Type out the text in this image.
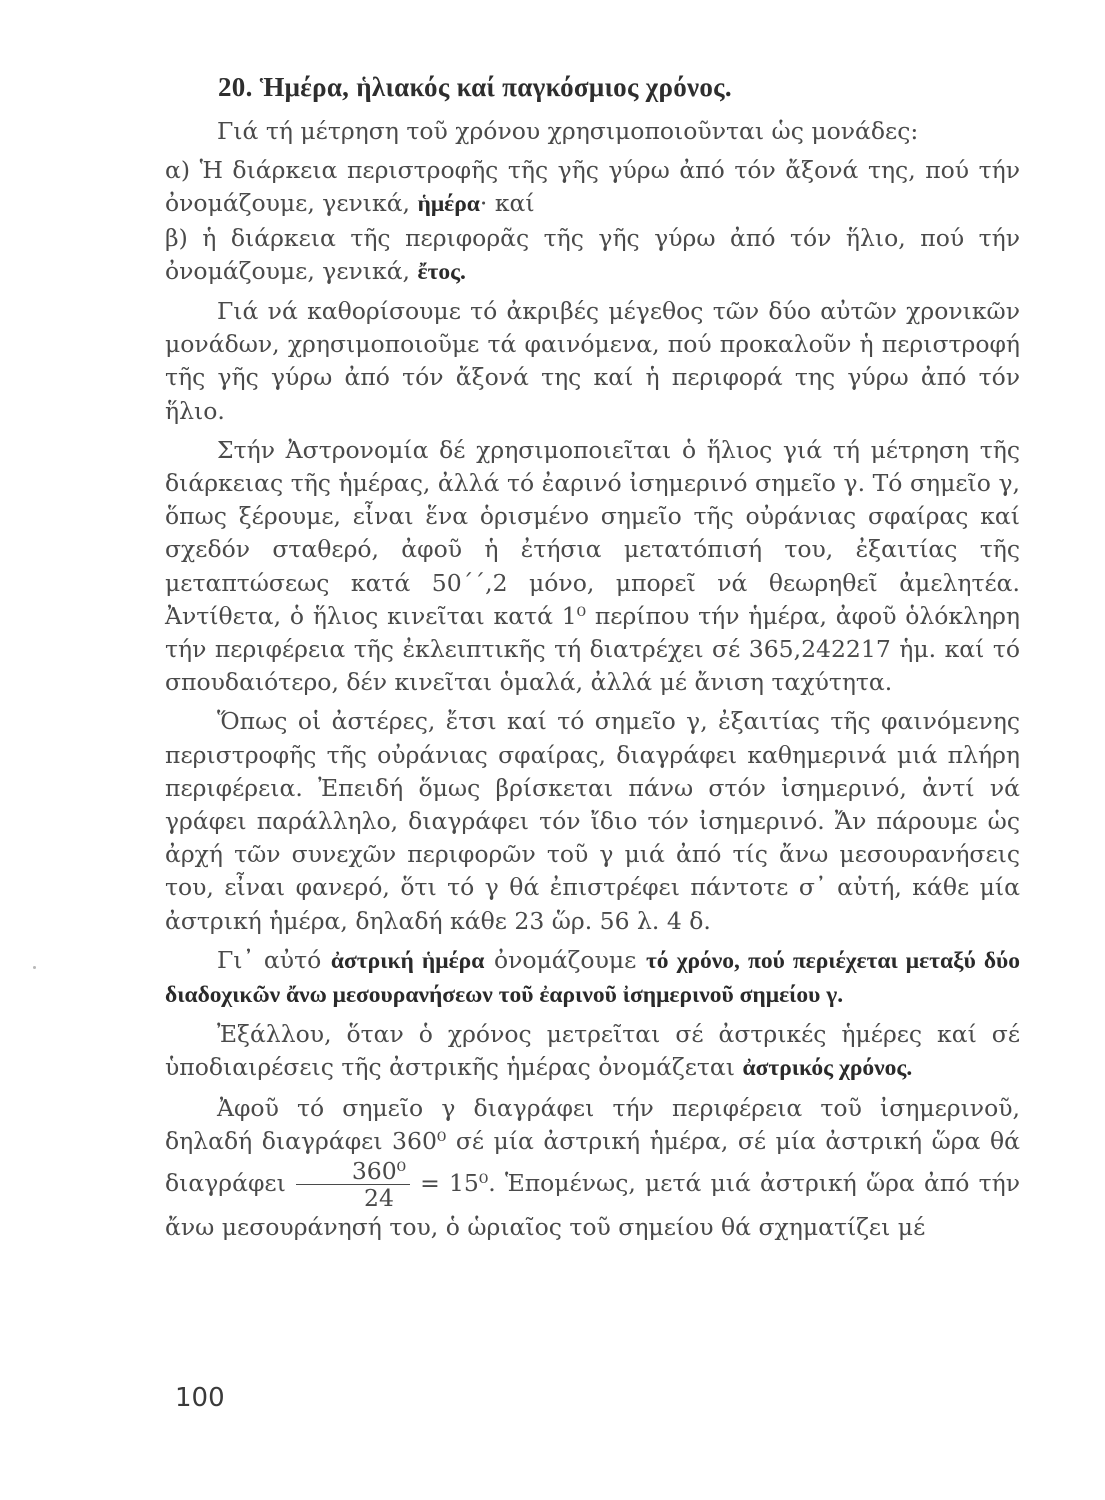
20. Ἡμέρα, ἡλιακός καί παγκόσμιος χρόνος.

Γιά τή μέτρηση τοῦ χρόνου χρησιμοποιοῦνται ὡς μονάδες:

α) Ἡ διάρκεια περιστροφῆς τῆς γῆς γύρω ἀπό τόν ἄξονά της, πού τήν ὀνομάζουμε, γενικά, ἡμέρα· καί

β) ἡ διάρκεια τῆς περιφορᾶς τῆς γῆς γύρω ἀπό τόν ἥλιο, πού τήν ὀνομάζουμε, γενικά, ἔτος.

Γιά νά καθορίσουμε τό ἀκριβές μέγεθος τῶν δύο αὐτῶν χρονικῶν μονάδων, χρησιμοποιοῦμε τά φαινόμενα, πού προκαλοῦν ἡ περιστροφή τῆς γῆς γύρω ἀπό τόν ἄξονά της καί ἡ περιφορά της γύρω ἀπό τόν ἥλιο.

Στήν Ἀστρονομία δέ χρησιμοποιεῖται ὁ ἥλιος γιά τή μέτρηση τῆς διάρκειας τῆς ἡμέρας, ἀλλά τό ἐαρινό ἰσημερινό σημεῖο γ. Τό σημεῖο γ, ὅπως ξέρουμε, εἶναι ἕνα ὁρισμένο σημεῖο τῆς οὐράνιας σφαίρας καί σχεδόν σταθερό, ἀφοῦ ἡ ἐτήσια μετατόπισή του, ἐξαιτίας τῆς μεταπτώσεως κατά 50΄΄,2 μόνο, μπορεῖ νά θεωρηθεῖ ἀμελητέα. Ἀντίθετα, ὁ ἥλιος κινεῖται κατά 1⁰ περίπου τήν ἡμέρα, ἀφοῦ ὁλόκληρη τήν περιφέρεια τῆς ἐκλειπτικῆς τή διατρέχει σέ 365,242217 ἡμ. καί τό σπουδαιότερο, δέν κινεῖται ὁμαλά, ἀλλά μέ ἄνιση ταχύτητα.

Ὅπως οἱ ἀστέρες, ἔτσι καί τό σημεῖο γ, ἐξαιτίας τῆς φαινόμενης περιστροφῆς τῆς οὐράνιας σφαίρας, διαγράφει καθημερινά μιά πλήρη περιφέρεια. Ἐπειδή ὅμως βρίσκεται πάνω στόν ἰσημερινό, ἀντί νά γράφει παράλληλο, διαγράφει τόν ἴδιο τόν ἰσημερινό. Ἄν πάρουμε ὡς ἀρχή τῶν συνεχῶν περιφορῶν τοῦ γ μιά ἀπό τίς ἄνω μεσουρανήσεις του, εἶναι φανερό, ὅτι τό γ θά ἐπιστρέφει πάντοτε σ᾿ αὐτή, κάθε μία ἀστρική ἡμέρα, δηλαδή κάθε 23 ὥρ. 56 λ. 4 δ.

Γι᾿ αὐτό ἀστρική ἡμέρα ὀνομάζουμε τό χρόνο, πού περιέχεται μεταξύ δύο διαδοχικῶν ἄνω μεσουρανήσεων τοῦ ἐαρινοῦ ἰσημερινοῦ σημείου γ.

Ἐξάλλου, ὅταν ὁ χρόνος μετρεῖται σέ ἀστρικές ἡμέρες καί σέ ὑποδιαιρέσεις τῆς ἀστρικῆς ἡμέρας ὀνομάζεται ἀστρικός χρόνος.

Ἀφοῦ τό σημεῖο γ διαγράφει τήν περιφέρεια τοῦ ἰσημερινοῦ, δηλαδή διαγράφει 360⁰ σέ μία ἀστρική ἡμέρα, σέ μία ἀστρική ὥρα θά διαγράφει $\frac{\text{360⁰}}{24} = 15^0$. Ἑπομένως, μετά μιά ἀστρική ὥρα ἀπό τήν ἄνω μεσουράνησή του, ὁ ὡριαῖος τοῦ σημείου θά σχηματίζει μέ

100
